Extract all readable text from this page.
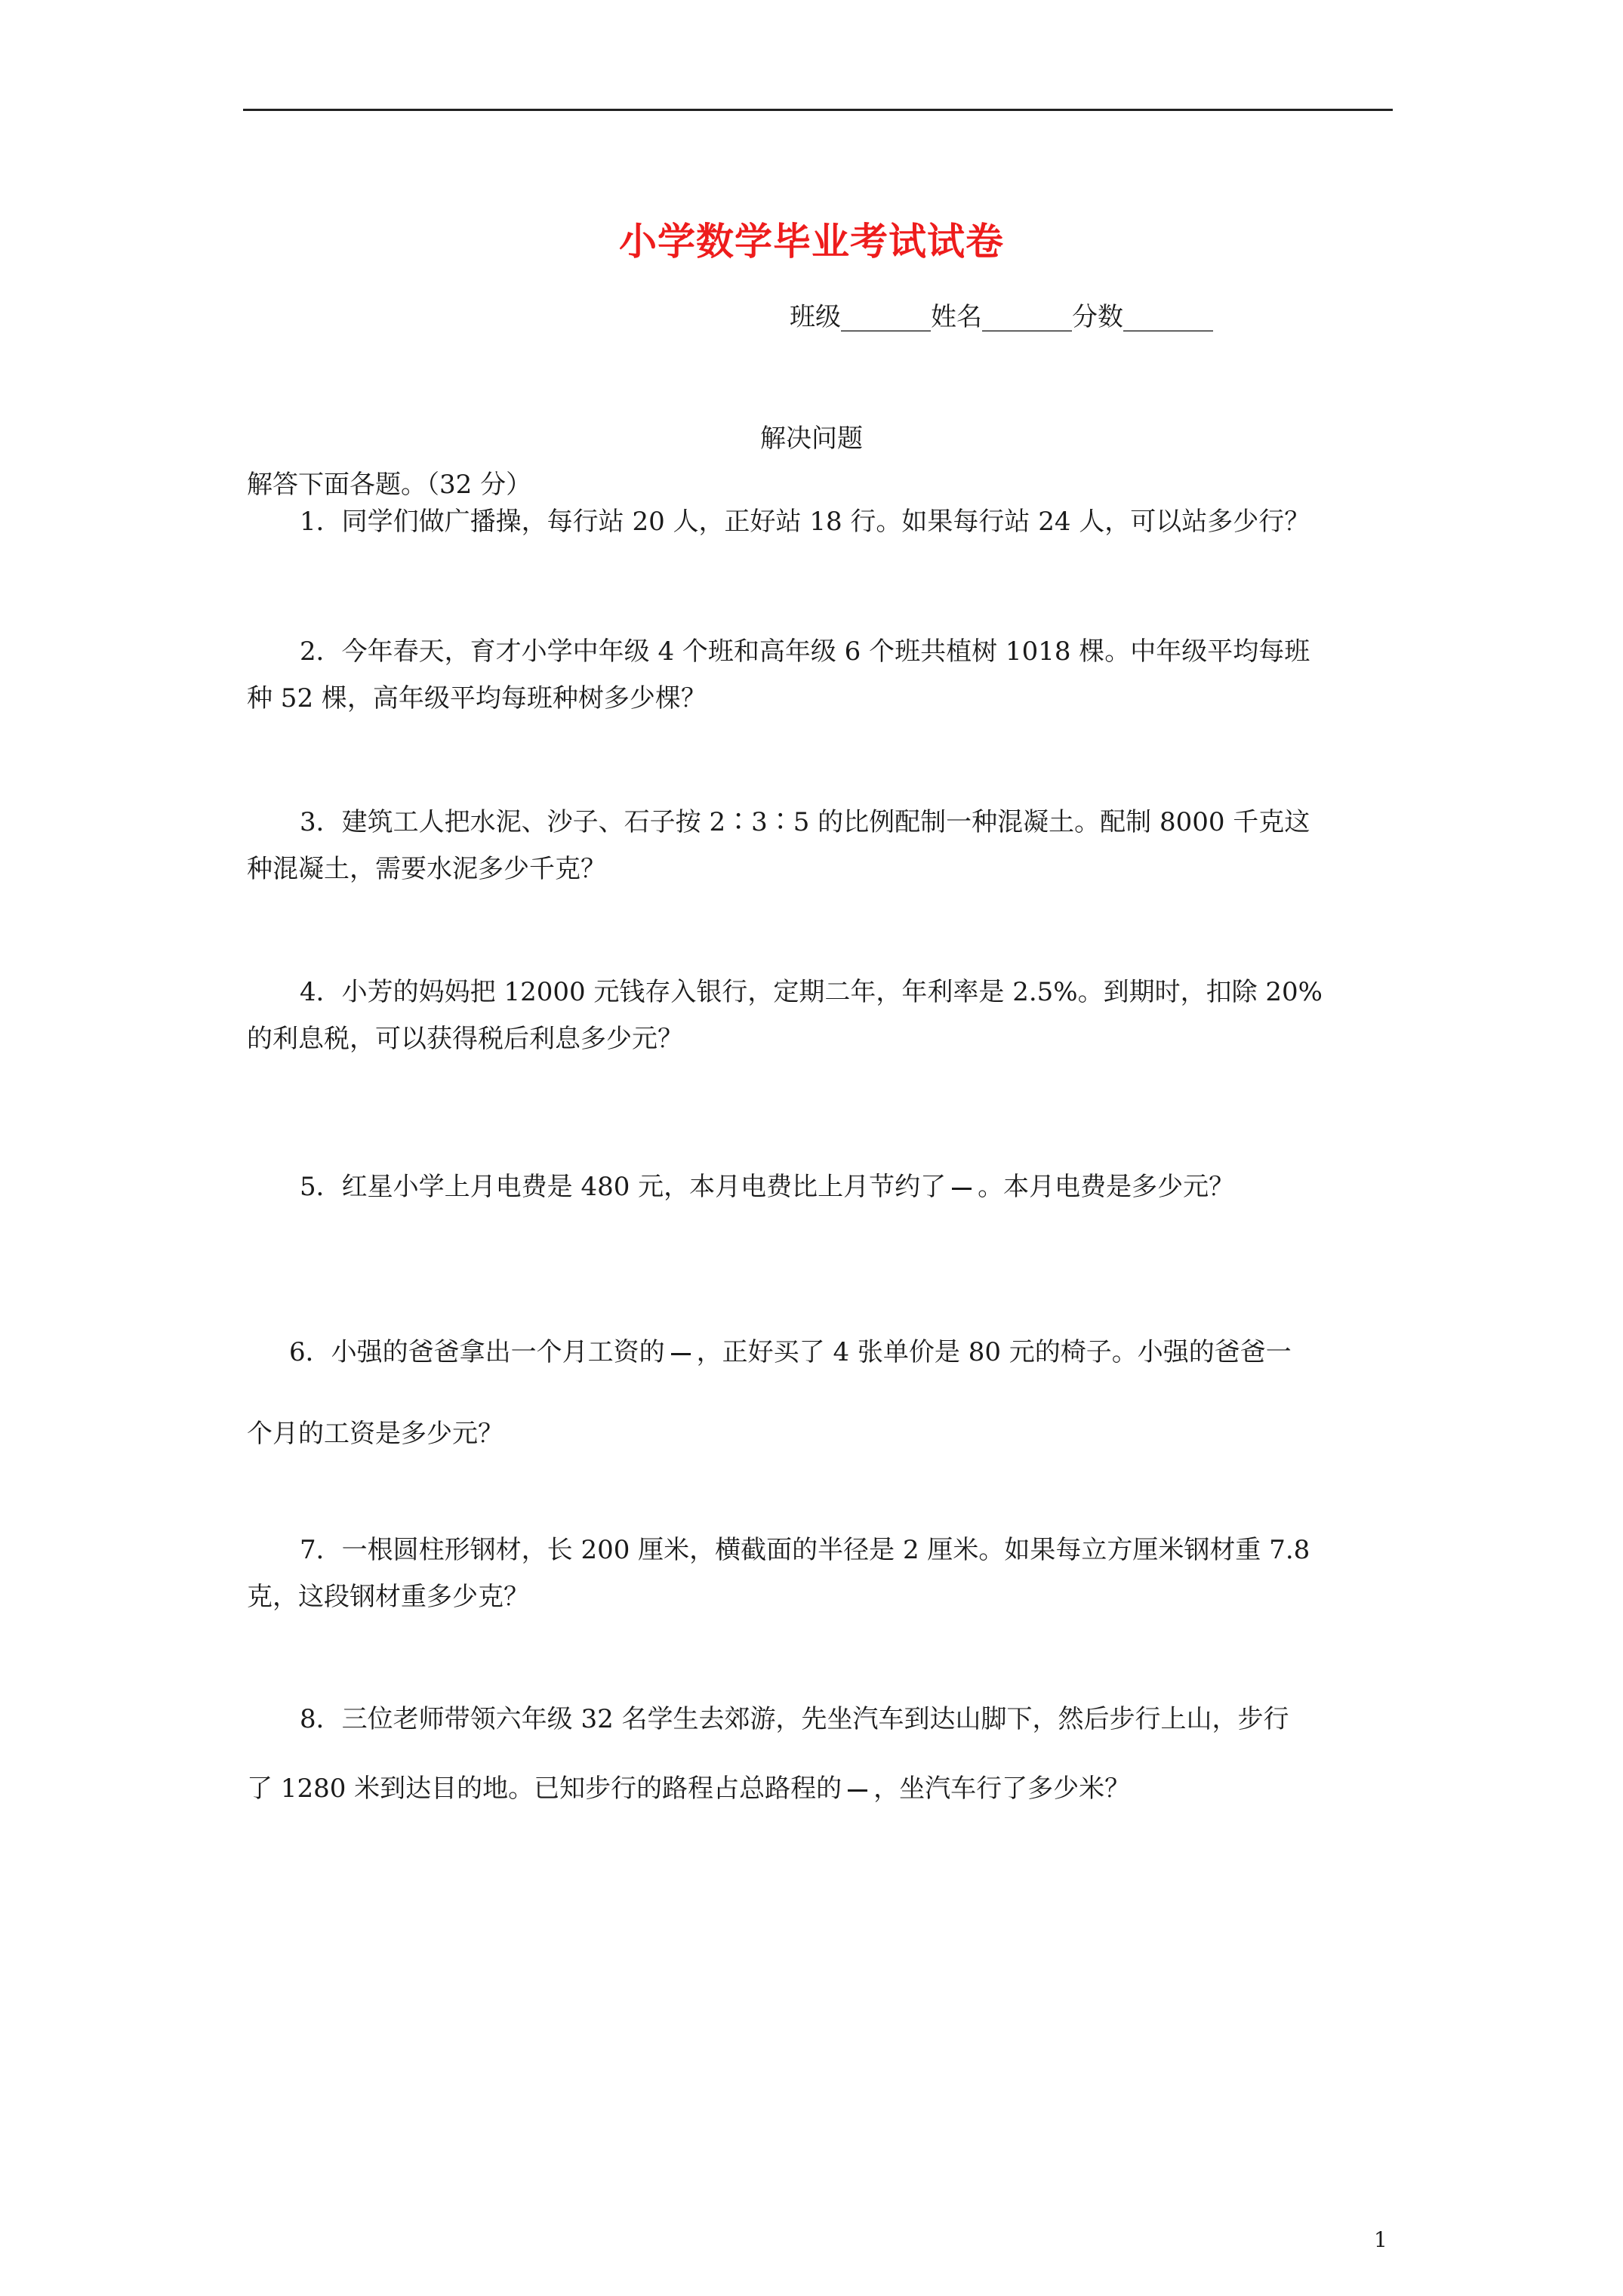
小学数学毕业考试试卷
班级_______姓名_______分数_______
解决问题
解答下面各题。（32 分）
1．同学们做广播操，每行站 20 人，正好站 18 行。如果每行站 24 人，可以站多少行？
2．今年春天，育才小学中年级 4 个班和高年级 6 个班共植树 1018 棵。中年级平均每班
种 52 棵，高年级平均每班种树多少棵？
3．建筑工人把水泥、沙子、石子按 2∶3∶5 的比例配制一种混凝土。配制 8000 千克这
种混凝土，需要水泥多少千克？
4．小芳的妈妈把 12000 元钱存入银行，定期二年，年利率是 2.5%。到期时，扣除 20%
的利息税，可以获得税后利息多少元？
5．红星小学上月电费是 480 元，本月电费比上月节约了 。本月电费是多少元？
6．小强的爸爸拿出一个月工资的 ，正好买了 4 张单价是 80 元的椅子。小强的爸爸一
个月的工资是多少元？
7．一根圆柱形钢材，长 200 厘米，横截面的半径是 2 厘米。如果每立方厘米钢材重 7.8
克，这段钢材重多少克？
8．三位老师带领六年级 32 名学生去郊游，先坐汽车到达山脚下，然后步行上山，步行
了 1280 米到达目的地。已知步行的路程占总路程的 ，坐汽车行了多少米？
1
